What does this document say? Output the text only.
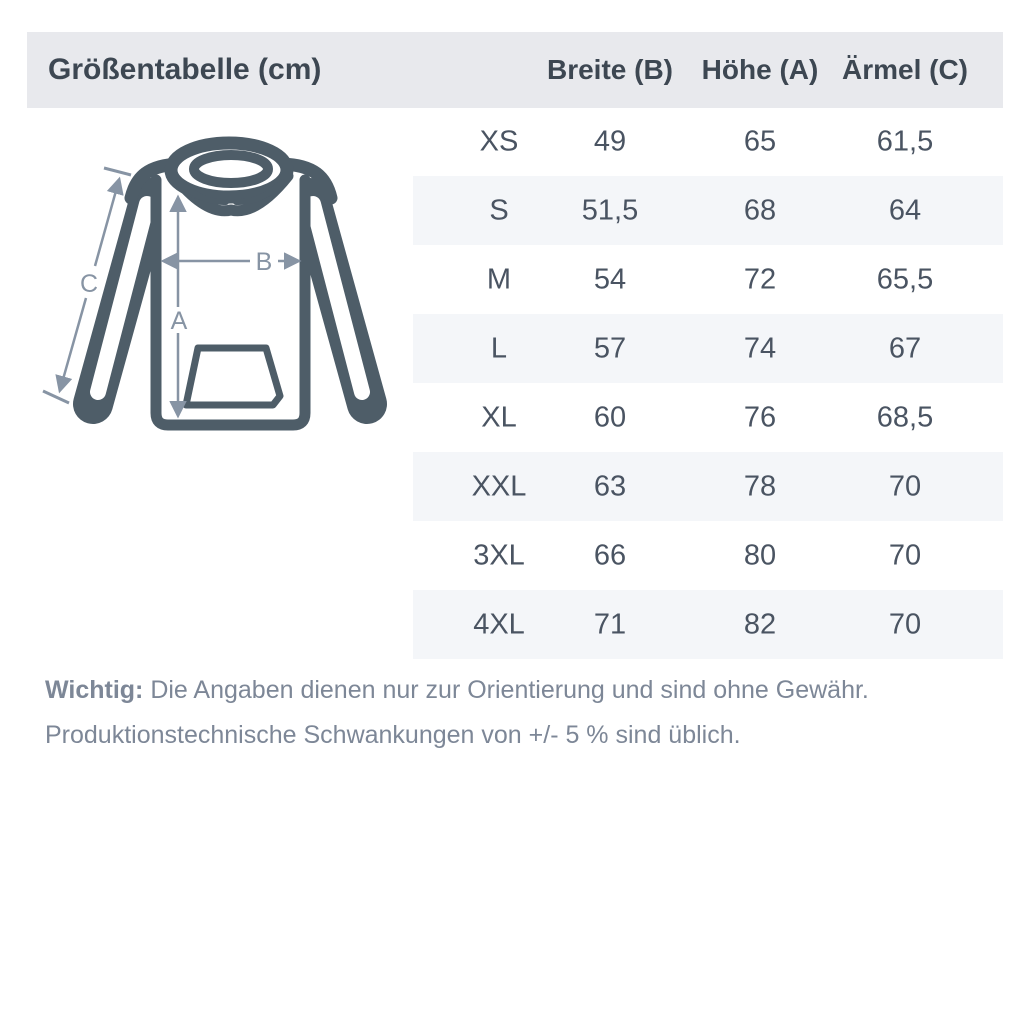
Größentabelle (cm)	Breite (B) Höhe (A) Ärmel (C)
A
B
C
XS	49	65	61,5
S	51,5	68	64
M	54	72	65,5
L	57	74	67
XL	60	76	68,5
XXL 63	78	70
3XL 66	80	70
4XL 71	82	70

Wichtig: Die Angaben dienen nur zur Orientierung und sind ohne Gewähr.
Produktionstechnische Schwankungen von +/- 5 % sind üblich.
